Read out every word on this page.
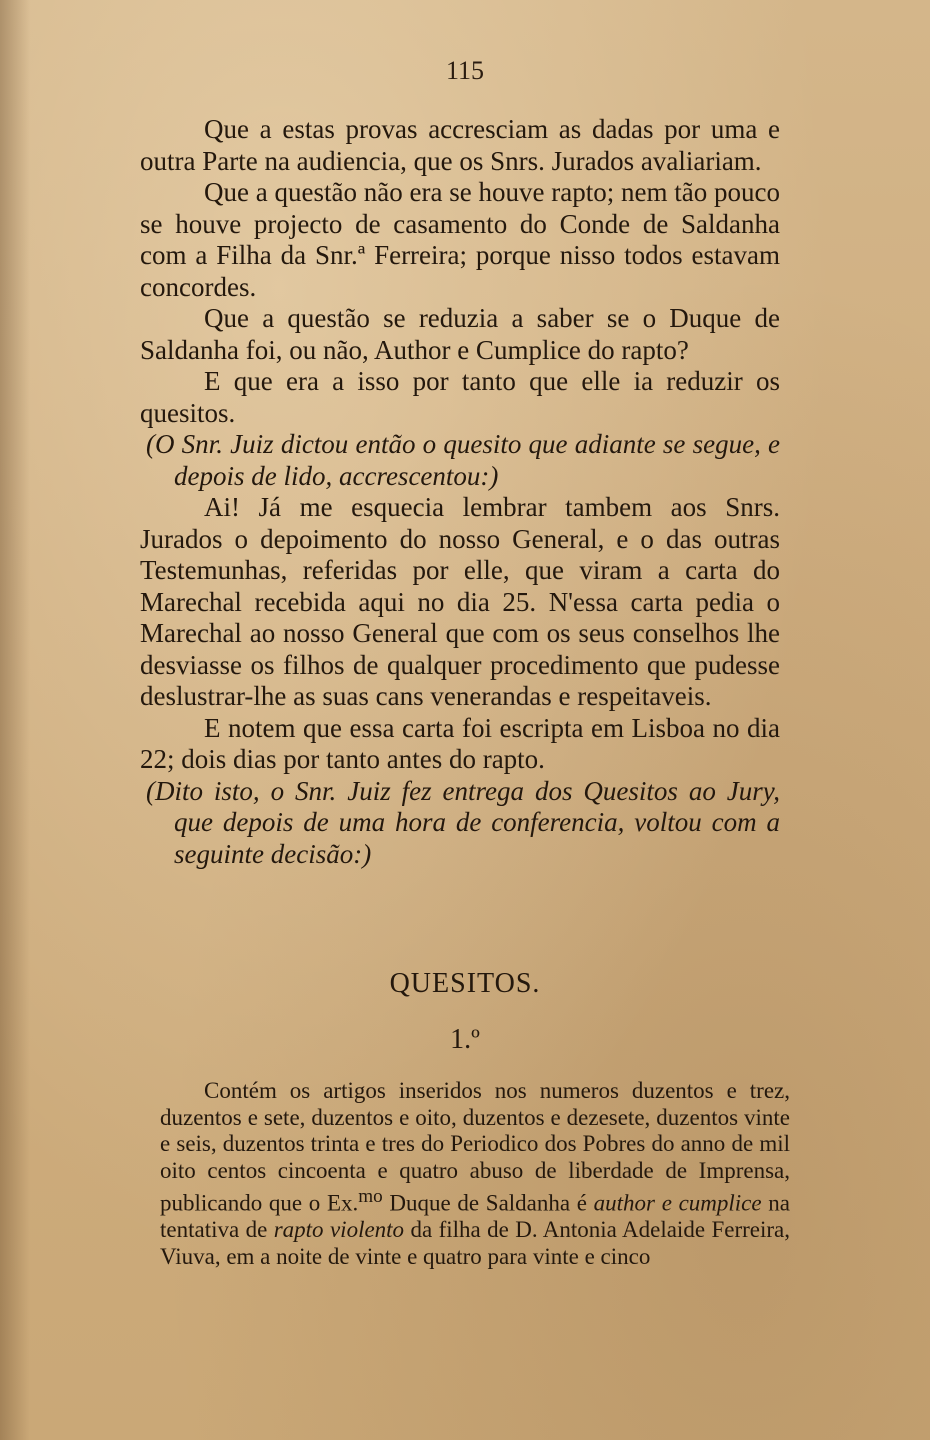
115

Que a estas provas accresciam as dadas por uma e outra Parte na audiencia, que os Snrs. Jurados avaliariam.

Que a questão não era se houve rapto; nem tão pouco se houve projecto de casamento do Conde de Saldanha com a Filha da Snr.ª Ferreira; porque nisso todos estavam concordes.

Que a questão se reduzia a saber se o Duque de Saldanha foi, ou não, Author e Cumplice do rapto?

E que era a isso por tanto que elle ia reduzir os quesitos.

(O Snr. Juiz dictou então o quesito que adiante se segue, e depois de lido, accrescentou:)

Ai! Já me esquecia lembrar tambem aos Snrs. Jurados o depoimento do nosso General, e o das outras Testemunhas, referidas por elle, que viram a carta do Marechal recebida aqui no dia 25. N'essa carta pedia o Marechal ao nosso General que com os seus conselhos lhe desviasse os filhos de qualquer procedimento que pudesse deslustrar-lhe as suas cans venerandas e respeitaveis.

E notem que essa carta foi escripta em Lisboa no dia 22; dois dias por tanto antes do rapto.

(Dito isto, o Snr. Juiz fez entrega dos Quesitos ao Jury, que depois de uma hora de conferencia, voltou com a seguinte decisão:)

QUESITOS.
1.º

Contém os artigos inseridos nos numeros duzentos e trez, duzentos e sete, duzentos e oito, duzentos e dezesete, duzentos vinte e seis, duzentos trinta e tres do Periodico dos Pobres do anno de mil oito centos cincoenta e quatro abuso de liberdade de Imprensa, publicando que o Ex.$^{mo}$ Duque de Saldanha é author e cumplice na tentativa de rapto violento da filha de D. Antonia Adelaide Ferreira, Viuva, em a noite de vinte e quatro para vinte e cinco
